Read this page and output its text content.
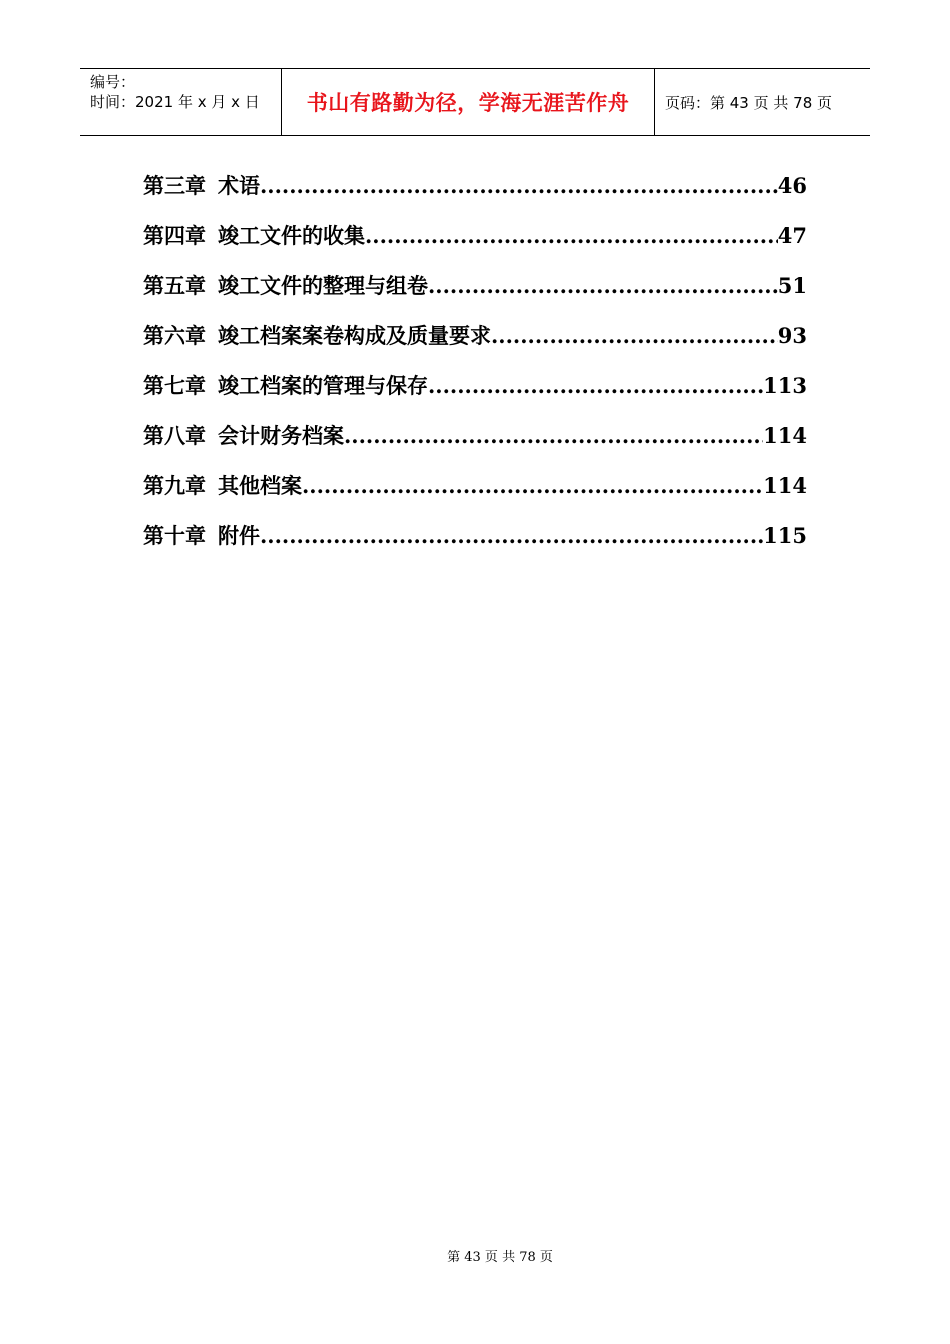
编号：
时间：2021 年 x 月 x 日	书山有路勤为径，学海无涯苦作舟 页码：第 43 页 共 78 页
第三章 术语 .....	46
第四章 竣工文件的收集 .....	47
第五章 竣工文件的整理与组卷 .....	51
第六章 竣工档案案卷构成及质量要求 .....	93
第七章 竣工档案的管理与保存 .....	113
第八章 会计财务档案 .....	114
第九章 其他档案 .....	114
第十章 附件 .....	115
第 43 页 共 78 页
